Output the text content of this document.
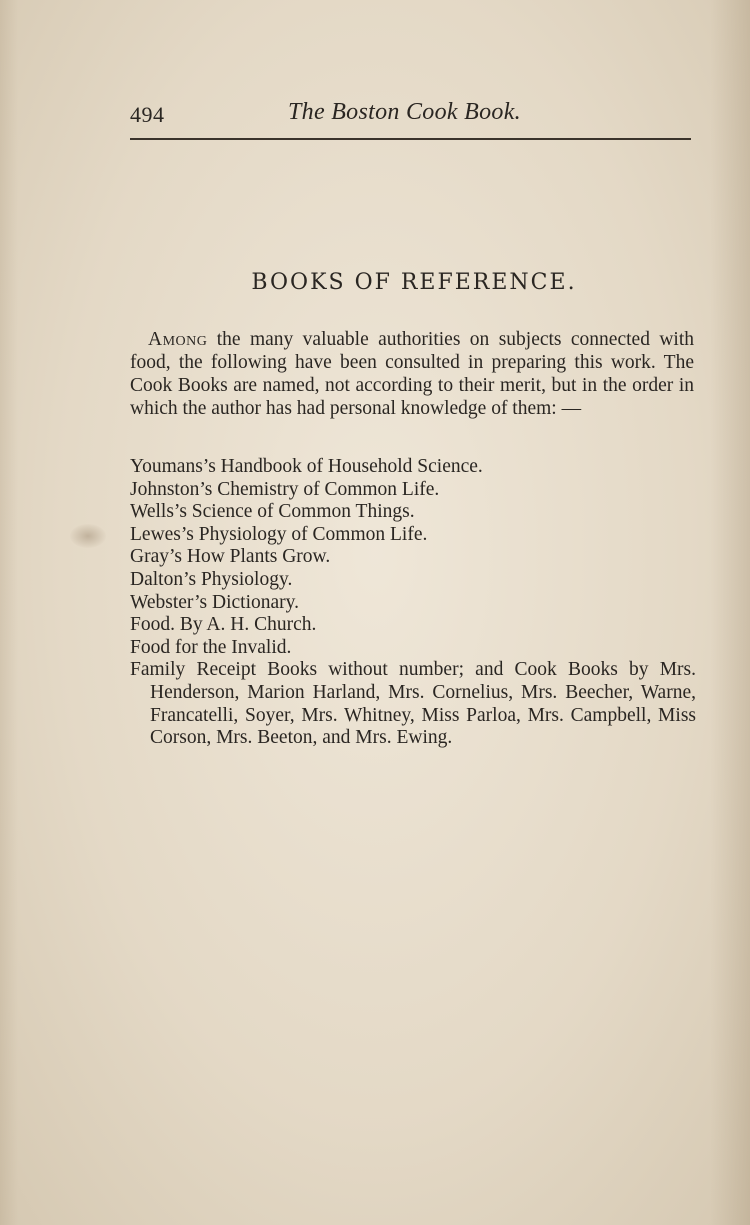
494	The Boston Cook Book.
BOOKS OF REFERENCE.

Among the many valuable authorities on subjects connected with food, the following have been consulted in preparing this work. The Cook Books are named, not according to their merit, but in the order in which the author has had personal knowledge of them: —

Youmans’s Handbook of Household Science.
Johnston’s Chemistry of Common Life.
Wells’s Science of Common Things.
Lewes’s Physiology of Common Life.
Gray’s How Plants Grow.
Dalton’s Physiology.
Webster’s Dictionary.
Food. By A. H. Church.
Food for the Invalid.
Family Receipt Books without number; and Cook Books by Mrs. Henderson, Marion Harland, Mrs. Cornelius, Mrs. Beecher, Warne, Francatelli, Soyer, Mrs. Whitney, Miss Parloa, Mrs. Campbell, Miss Corson, Mrs. Beeton, and Mrs. Ewing.
